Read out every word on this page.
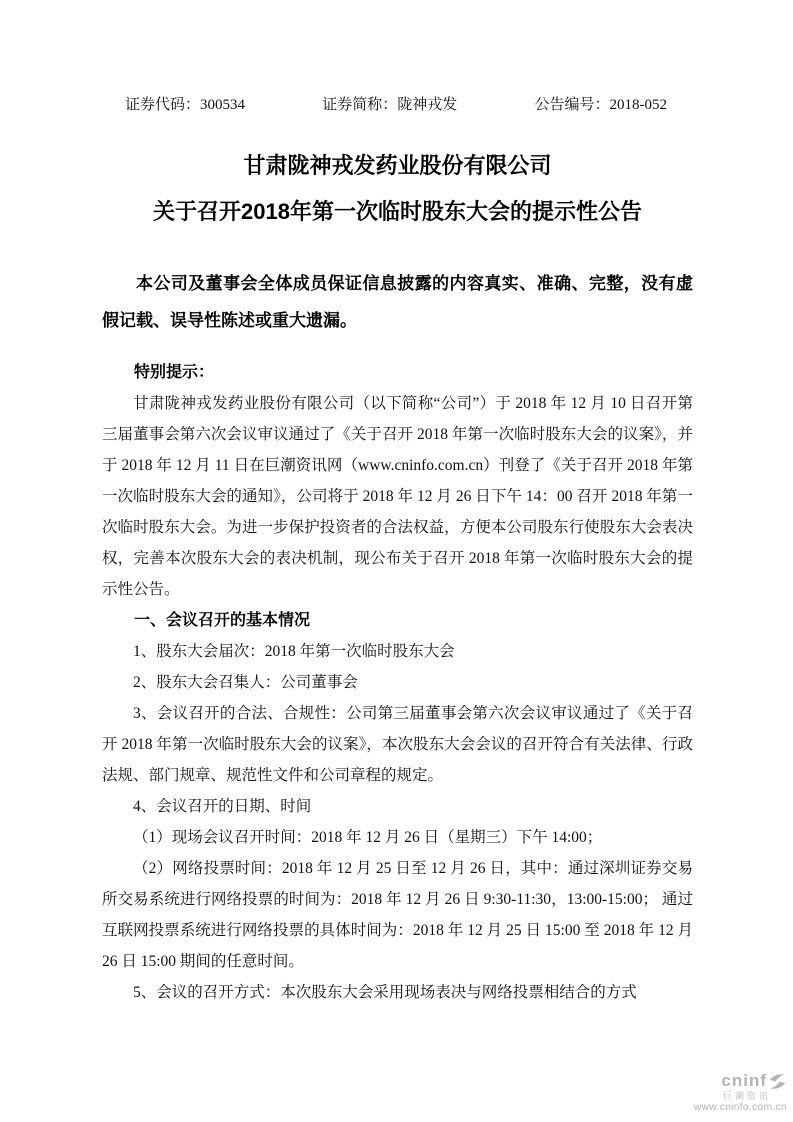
证券代码：300534	证券简称：陇神戎发	公告编号：2018-052
甘肃陇神戎发药业股份有限公司
关于召开2018年第一次临时股东大会的提示性公告

本公司及董事会全体成员保证信息披露的内容真实、准确、完整，没有虚假记载、误导性陈述或重大遗漏。

特别提示：

甘肃陇神戎发药业股份有限公司（以下简称“公司”）于 2018 年 12 月 10 日召开第三届董事会第六次会议审议通过了《关于召开 2018 年第一次临时股东大会的议案》，并于 2018 年 12 月 11 日在巨潮资讯网（www.cninfo.com.cn）刊登了《关于召开 2018 年第一次临时股东大会的通知》，公司将于 2018 年 12 月 26 日下午 14：00 召开 2018 年第一次临时股东大会。为进一步保护投资者的合法权益，方便本公司股东行使股东大会表决权，完善本次股东大会的表决机制，现公布关于召开 2018 年第一次临时股东大会的提示性公告。

一、会议召开的基本情况

1、股东大会届次：2018 年第一次临时股东大会

2、股东大会召集人：公司董事会

3、会议召开的合法、合规性：公司第三届董事会第六次会议审议通过了《关于召开 2018 年第一次临时股东大会的议案》，本次股东大会会议的召开符合有关法律、行政法规、部门规章、规范性文件和公司章程的规定。

4、会议召开的日期、时间

（1）现场会议召开时间：2018 年 12 月 26 日（星期三）下午 14:00；

（2）网络投票时间：2018 年 12 月 25 日至 12 月 26 日，其中：通过深圳证券交易所交易系统进行网络投票的时间为：2018 年 12 月 26 日 9:30-11:30，13:00-15:00； 通过互联网投票系统进行网络投票的具体时间为：2018 年 12 月 25 日 15:00 至 2018 年 12 月 26 日 15:00 期间的任意时间。

5、会议的召开方式：本次股东大会采用现场表决与网络投票相结合的方式

cninf
巨潮资讯
www.cninfo.com.cn
